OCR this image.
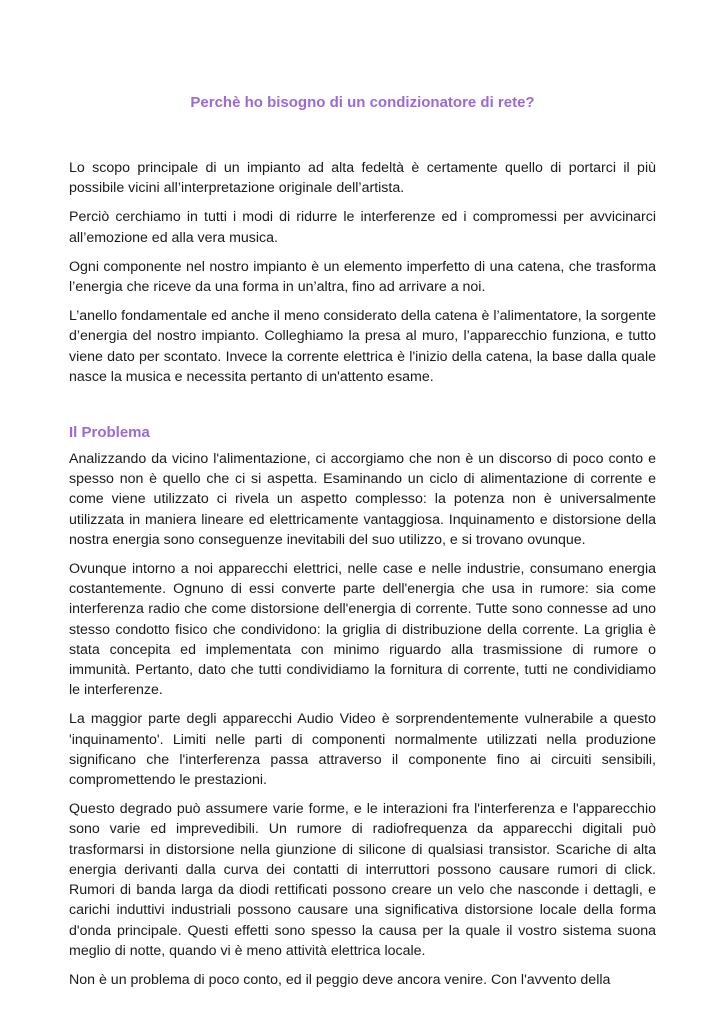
Perchè ho bisogno di un condizionatore di rete?

Lo scopo principale di un impianto ad alta fedeltà è certamente quello di portarci il più possibile vicini all’interpretazione originale dell’artista.

Perciò cerchiamo in tutti i modi di ridurre le interferenze ed i compromessi per avvicinarci all’emozione ed alla vera musica.

Ogni componente nel nostro impianto è un elemento imperfetto di una catena, che trasforma l’energia che riceve da una forma in un’altra, fino ad arrivare a noi.

L’anello fondamentale ed anche il meno considerato della catena è l’alimentatore, la sorgente d’energia del nostro impianto. Colleghiamo la presa al muro, l’apparecchio funziona, e tutto viene dato per scontato. Invece la corrente elettrica è l'inizio della catena, la base dalla quale nasce la musica e necessita pertanto di un'attento esame.

Il Problema

Analizzando da vicino l'alimentazione, ci accorgiamo che non è un discorso di poco conto e spesso non è quello che ci si aspetta. Esaminando un ciclo di alimentazione di corrente e come viene utilizzato ci rivela un aspetto complesso: la potenza non è universalmente utilizzata in maniera lineare ed elettricamente vantaggiosa. Inquinamento e distorsione della nostra energia sono conseguenze inevitabili del suo utilizzo, e si trovano ovunque.

Ovunque intorno a noi apparecchi elettrici, nelle case e nelle industrie, consumano energia costantemente. Ognuno di essi converte parte dell'energia che usa in rumore: sia come interferenza radio che come distorsione dell'energia di corrente. Tutte sono connesse ad uno stesso condotto fisico che condividono: la griglia di distribuzione della corrente. La griglia è stata concepita ed implementata con minimo riguardo alla trasmissione di rumore o immunità. Pertanto, dato che tutti condividiamo la fornitura di corrente, tutti ne condividiamo le interferenze.

La maggior parte degli apparecchi Audio Video è sorprendentemente vulnerabile a questo 'inquinamento'. Limiti nelle parti di componenti normalmente utilizzati nella produzione significano che l'interferenza passa attraverso il componente fino ai circuiti sensibili, compromettendo le prestazioni.

Questo degrado può assumere varie forme, e le interazioni fra l'interferenza e l'apparecchio sono varie ed imprevedibili. Un rumore di radiofrequenza da apparecchi digitali può trasformarsi in distorsione nella giunzione di silicone di qualsiasi transistor. Scariche di alta energia derivanti dalla curva dei contatti di interruttori possono causare rumori di click. Rumori di banda larga da diodi rettificati possono creare un velo che nasconde i dettagli, e carichi induttivi industriali possono causare una significativa distorsione locale della forma d'onda principale. Questi effetti sono spesso la causa per la quale il vostro sistema suona meglio di notte, quando vi è meno attività elettrica locale.

Non è un problema di poco conto, ed il peggio deve ancora venire. Con l'avvento della
